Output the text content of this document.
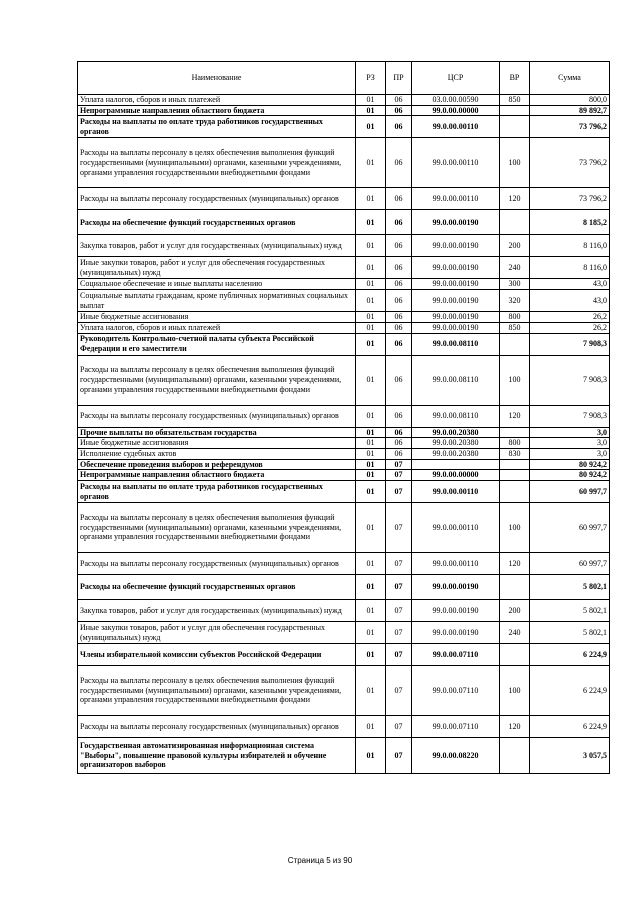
Наименование	РЗ	ПР	ЦСР	ВР	Сумма
Уплата налогов, сборов и иных платежей	01	06	03.0.00.00590	850	800,0
Непрограммные направления областного бюджета	01	06	99.0.00.00000		89 892,7
Расходы на выплаты по оплате труда работников государственных органов	01	06	99.0.00.00110		73 796,2
Расходы на выплаты персоналу в целях обеспечения выполнения функций государственными (муниципальными) органами, казенными учреждениями, органами управления государственными внебюджетными фондами	01	06	99.0.00.00110	100	73 796,2
Расходы на выплаты персоналу государственных (муниципальных) органов	01	06	99.0.00.00110	120	73 796,2
Расходы на обеспечение функций государственных органов	01	06	99.0.00.00190		8 185,2
Закупка товаров, работ и услуг для государственных (муниципальных) нужд	01	06	99.0.00.00190	200	8 116,0
Иные закупки товаров, работ и услуг для обеспечения государственных (муниципальных) нужд	01	06	99.0.00.00190	240	8 116,0
Социальное обеспечение и иные выплаты населению	01	06	99.0.00.00190	300	43,0
Социальные выплаты гражданам, кроме публичных нормативных социальных выплат	01	06	99.0.00.00190	320	43,0
Иные бюджетные ассигнования	01	06	99.0.00.00190	800	26,2
Уплата налогов, сборов и иных платежей	01	06	99.0.00.00190	850	26,2
Руководитель Контрольно-счетной палаты субъекта Российской Федерации и его заместители	01	06	99.0.00.08110		7 908,3
Расходы на выплаты персоналу в целях обеспечения выполнения функций государственными (муниципальными) органами, казенными учреждениями, органами управления государственными внебюджетными фондами	01	06	99.0.00.08110	100	7 908,3
Расходы на выплаты персоналу государственных (муниципальных) органов	01	06	99.0.00.08110	120	7 908,3
Прочие выплаты по обязательствам государства	01	06	99.0.00.20380		3,0
Иные бюджетные ассигнования	01	06	99.0.00.20380	800	3,0
Исполнение судебных актов	01	06	99.0.00.20380	830	3,0
Обеспечение проведения выборов и референдумов	01	07			80 924,2
Непрограммные направления областного бюджета	01	07	99.0.00.00000		80 924,2
Расходы на выплаты по оплате труда работников государственных органов	01	07	99.0.00.00110		60 997,7
Расходы на выплаты персоналу в целях обеспечения выполнения функций государственными (муниципальными) органами, казенными учреждениями, органами управления государственными внебюджетными фондами	01	07	99.0.00.00110	100	60 997,7
Расходы на выплаты персоналу государственных (муниципальных) органов	01	07	99.0.00.00110	120	60 997,7
Расходы на обеспечение функций государственных органов	01	07	99.0.00.00190		5 802,1
Закупка товаров, работ и услуг для государственных (муниципальных) нужд	01	07	99.0.00.00190	200	5 802,1
Иные закупки товаров, работ и услуг для обеспечения государственных (муниципальных) нужд	01	07	99.0.00.00190	240	5 802,1
Члены избирательной комиссии субъектов Российской Федерации	01	07	99.0.00.07110		6 224,9
Расходы на выплаты персоналу в целях обеспечения выполнения функций государственными (муниципальными) органами, казенными учреждениями, органами управления государственными внебюджетными фондами	01	07	99.0.00.07110	100	6 224,9
Расходы на выплаты персоналу государственных (муниципальных) органов	01	07	99.0.00.07110	120	6 224,9
Государственная автоматизированная информационная система "Выборы", повышение правовой культуры избирателей и обучение организаторов выборов	01	07	99.0.00.08220		3 057,5
Страница 5 из 90
